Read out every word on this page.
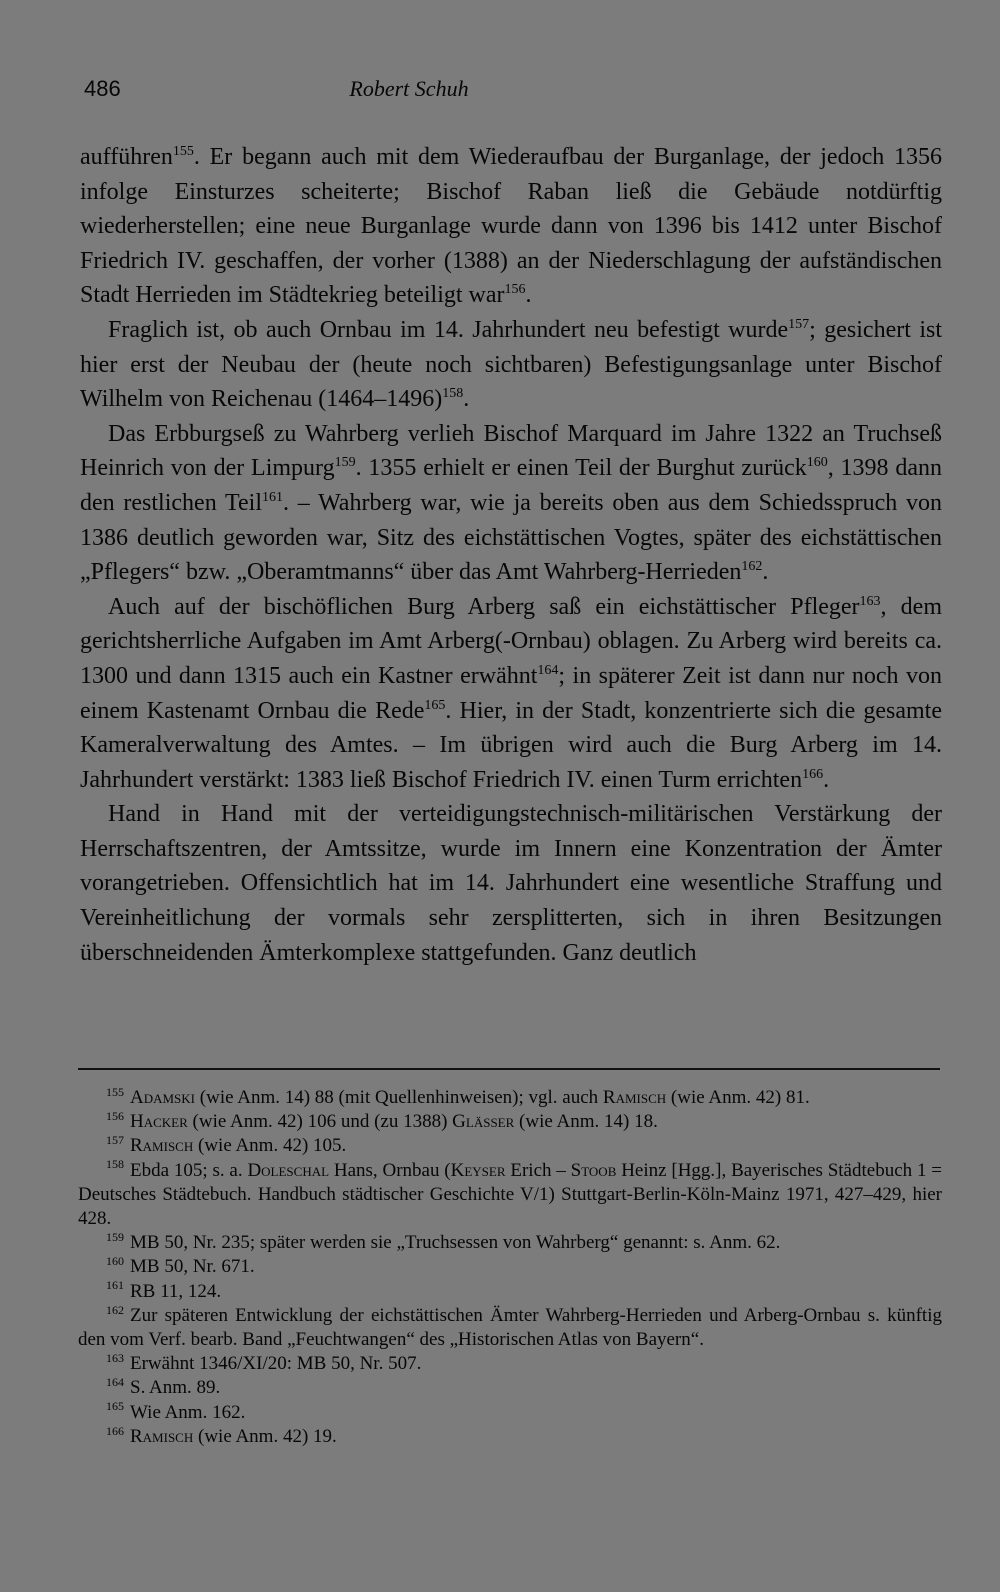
486	Robert Schuh

aufführen$^{155}$. Er begann auch mit dem Wiederaufbau der Burganlage, der jedoch 1356 infolge Einsturzes scheiterte; Bischof Raban ließ die Gebäude notdürftig wiederherstellen; eine neue Burganlage wurde dann von 1396 bis 1412 unter Bischof Friedrich IV. geschaffen, der vorher (1388) an der Niederschlagung der aufständischen Stadt Herrieden im Städtekrieg beteiligt war$^{156}$.

Fraglich ist, ob auch Ornbau im 14. Jahrhundert neu befestigt wurde$^{157}$; gesichert ist hier erst der Neubau der (heute noch sichtbaren) Befestigungsanlage unter Bischof Wilhelm von Reichenau (1464–1496)$^{158}$.

Das Erbburgseß zu Wahrberg verlieh Bischof Marquard im Jahre 1322 an Truchseß Heinrich von der Limpurg$^{159}$. 1355 erhielt er einen Teil der Burghut zurück$^{160}$, 1398 dann den restlichen Teil$^{161}$. – Wahrberg war, wie ja bereits oben aus dem Schiedsspruch von 1386 deutlich geworden war, Sitz des eichstättischen Vogtes, später des eichstättischen „Pflegers“ bzw. „Oberamtmanns“ über das Amt Wahrberg-Herrieden$^{162}$.

Auch auf der bischöflichen Burg Arberg saß ein eichstättischer Pfleger$^{163}$, dem gerichtsherrliche Aufgaben im Amt Arberg(-Ornbau) oblagen. Zu Arberg wird bereits ca. 1300 und dann 1315 auch ein Kastner erwähnt$^{164}$; in späterer Zeit ist dann nur noch von einem Kastenamt Ornbau die Rede$^{165}$. Hier, in der Stadt, konzentrierte sich die gesamte Kameralverwaltung des Amtes. – Im übrigen wird auch die Burg Arberg im 14. Jahrhundert verstärkt: 1383 ließ Bischof Friedrich IV. einen Turm errichten$^{166}$.

Hand in Hand mit der verteidigungstechnisch-militärischen Verstärkung der Herrschaftszentren, der Amtssitze, wurde im Innern eine Konzentration der Ämter vorangetrieben. Offensichtlich hat im 14. Jahrhundert eine wesentliche Straffung und Vereinheitlichung der vormals sehr zersplitterten, sich in ihren Besitzungen überschneidenden Ämterkomplexe stattgefunden. Ganz deutlich

$^{155}$ Adamski (wie Anm. 14) 88 (mit Quellenhinweisen); vgl. auch Ramisch (wie Anm. 42) 81.

$^{156}$ Hacker (wie Anm. 42) 106 und (zu 1388) Glässer (wie Anm. 14) 18.

$^{157}$ Ramisch (wie Anm. 42) 105.

$^{158}$ Ebda 105; s. a. Doleschal Hans, Ornbau (Keyser Erich – Stoob Heinz [Hgg.], Bayerisches Städtebuch 1 = Deutsches Städtebuch. Handbuch städtischer Geschichte V/1) Stuttgart-Berlin-Köln-Mainz 1971, 427–429, hier 428.

$^{159}$ MB 50, Nr. 235; später werden sie „Truchsessen von Wahrberg“ genannt: s. Anm. 62.

$^{160}$ MB 50, Nr. 671.

$^{161}$ RB 11, 124.

$^{162}$ Zur späteren Entwicklung der eichstättischen Ämter Wahrberg-Herrieden und Arberg-Ornbau s. künftig den vom Verf. bearb. Band „Feuchtwangen“ des „Historischen Atlas von Bayern“.

$^{163}$ Erwähnt 1346/XI/20: MB 50, Nr. 507.

$^{164}$ S. Anm. 89.

$^{165}$ Wie Anm. 162.

$^{166}$ Ramisch (wie Anm. 42) 19.
